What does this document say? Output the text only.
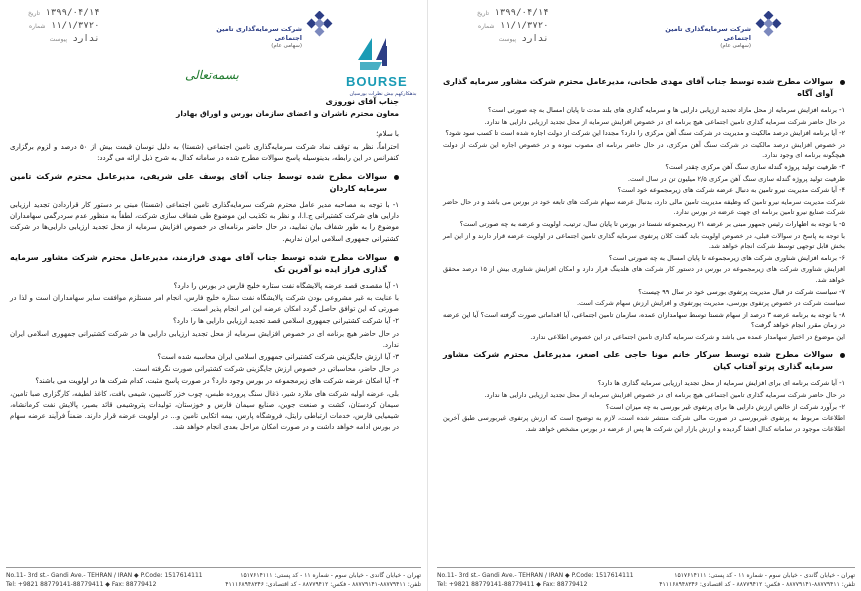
۱۳۹۹/۰۴/۱۴ تاریخ
۱۱/۱/۳۷۲۰ شماره
ندارد پیوست
شرکت سرمایه‌گذاری تامین اجتماعی
(سهامی عام)
BOURSE
بدهکارکهم بیش نظرات بورسیان
بسمه‌تعالی

جناب آقای نوروزی

معاون محترم ناشران و اعضای سازمان بورس و اوراق بهادار

با سلام؛

احتراماً، نظر به توقف نماد شرکت سرمایه‌گذاری تامین اجتماعی (شستا) به دلیل نوسان قیمت بیش از ۵۰ درصد و لزوم برگزاری کنفرانس در این رابطه، بدینوسیله پاسخ سوالات مطرح شده در سامانه کدال به شرح ذیل ارائه می گردد:

سوالات مطرح شده توسط جناب آقای یوسف علی شریفی، مدیرعامل محترم شرکت تامین سرمایه کاردان

۱- با توجه به مصاحبه مدیر عامل محترم شرکت سرمایه‌گذاری تامین اجتماعی (شستا) مبنی بر دستور کار قراردادن تجدید ارزیابی دارایی های شرکت کشتیرانی ج.ا.ا، و نظر به تکذیب این موضوع طی شفاف سازی شرکت، لطفاً به منظور عدم سردرگمی سهامداران موضوع را به طور شفاف بیان نمایید، در حال حاضر برنامه‌ای در خصوص افزایش سرمایه از محل تجدید ارزیابی دارایی‌ها در شرکت کشتیرانی جمهوری اسلامی ایران نداریم.

سوالات مطرح شده توسط جناب آقای مهدی فرازمند، مدیرعامل محترم شرکت مشاور سرمایه گذاری فراز ایده نو آفرین تک

۱- آیا مقصدی قصد عرضه پالایشگاه نفت ستاره خلیج فارس در بورس را دارد؟

با عنایت به غیر مشروعی بودن شرکت پالایشگاه نفت ستاره خلیج فارس، انجام امر مستلزم موافقت سایر سهامداران است و لذا در صورتی که این توافق حاصل گردد امکان عرضه این امر انجام پذیر است.

۲- آیا شرکت کشتیرانی جمهوری اسلامی قصد تجدید ارزیابی دارایی ها را دارد؟

در حال حاضر هیچ برنامه ای در خصوص افزایش سرمایه از محل تجدید ارزیابی دارایی ها در شرکت کشتیرانی جمهوری اسلامی ایران ندارد.

۳- آیا ارزش جایگزینی شرکت کشتیرانی جمهوری اسلامی ایران محاسبه شده است؟

در حال حاضر، محاسباتی در خصوص ارزش جایگزینی شرکت کشتیرانی صورت نگرفته است.

۴- آیا امکان عرضه شرکت های زیرمجموعه در بورس وجود دارد؟ در صورت پاسخ مثبت، کدام شرکت ها در اولویت می باشند؟

بلی، عرضه اولیه شرکت های ملارد شیر، ذغال سنگ پرورده طبس، چوب خزر کاسپین، شیمی بافت، کاغذ لطیفه، کارگزاری صبا تامین، سیمان کردستان، کشت و صنعت جوین، صنایع سیمان فارس و خوزستان، تولیدات پتروشیمی قائد بصیر، پالایش نفت کرمانشاه، شیمیایی فارس، خدمات ارتباطی رایتل، فروشگاه پارس، بیمه اتکایی تامین و... در اولویت عرضه قرار دارند. ضمناً فرآیند عرضه سهام در بورس ادامه خواهد داشت و در صورت امکان مراحل بعدی انجام خواهد شد.

No.11- 3rd st.- Gandi Ave.- TEHRAN / IRAN ◆ P.Code: 1517614111	تهران - خیابان گاندی - خیابان سوم - شماره ۱۱ - کد پستی: ۱۵۱۷۶۱۴۱۱۱
Tel: +9821 88779141-88779411 ◆ Fax: 88779412	تلفن: ۸۸۷۷۹۴۱۱-۸۸۷۷۹۱۴۱ - فکس: ۸۸۷۷۹۴۱۲ - کد اقتصادی: ۴۱۱۱۶۸۹۴۸۳۴۶
۱۳۹۹/۰۴/۱۴ تاریخ
۱۱/۱/۳۷۲۰ شماره
ندارد پیوست
شرکت سرمایه‌گذاری تامین اجتماعی
(سهامی عام)
سوالات مطرح شده توسط جناب آقای مهدی طحانی، مدیرعامل محترم شرکت مشاور سرمایه گذاری آوای آگاه

۱- برنامه افزایش سرمایه از محل مازاد تجدید ارزیابی دارایی ها و سرمایه گذاری های بلند مدت تا پایان امسال به چه صورتی است؟

در حال حاضر شرکت سرمایه گذاری تامین اجتماعی هیچ برنامه ای در خصوص افزایش سرمایه از محل تجدید ارزیابی دارایی ها ندارد.

۲- آیا برنامه افزایش درصد مالکیت و مدیریت در شرکت سنگ آهن مرکزی را دارد؟ مجددا این شرکت از دولت اجاره شده است تا کسب سود شود؟

در خصوص افزایش درصد مالکیت در شرکت سنگ آهن مرکزی، در حال حاضر برنامه ای مصوب نبوده و در خصوص اجاره این شرکت از دولت هیچگونه برنامه ای وجود ندارد.

۳- ظرفیت تولید پروژه گندله سازی سنگ آهن مرکزی چقدر است؟

ظرفیت تولید پروژه گندله سازی سنگ آهن مرکزی ۲/۵ میلیون تن در سال است.

۴- آیا شرکت مدیریت نیرو تامین به دنبال عرضه شرکت های زیرمجموعه خود است؟

شرکت مدیریت سرمایه نیرو تامین که وظیفه مدیریت تامین مالی دارد، بدنبال عرضه سهام شرکت های تابعه خود در بورس می باشد و در حال حاضر شرکت صنایع نیرو تامین برنامه ای جهت عرضه در بورس ندارد.

۵- با توجه به اظهارات رئیس جمهور مبنی بر عرضه ۲۱ زیرمجموعه شستا در بورس تا پایان سال، ترتیب، اولویت و عرضه به چه صورتی است؟

با توجه به پاسخ در سوالات قبلی، در خصوص اولویت باید گفت کلان پرتفوی سرمایه گذاری تامین اجتماعی در اولویت عرضه قرار دارند و از این امر بخش قابل توجهی توسط شرکت انجام خواهد شد.

۶- برنامه افزایش شناوری شرکت های زیرمجموعه تا پایان امسال به چه صورتی است؟

افزایش شناوری شرکت های زیرمجموعه در بورس در دستور کار شرکت های هلدینگ قرار دارد و امکان افزایش شناوری بیش از ۱۵ درصد محقق خواهد شد.

۷- سیاست شرکت در قبال مدیریت پرتفوی بورسی خود در سال ۹۹ چیست؟

سیاست شرکت در خصوص پرتفوی بورسی، مدیریت پورتفوی و افزایش ارزش سهام شرکت است.

۸- با توجه به برنامه عرضه ۳ درصد از سهام شستا توسط سهامداران عمده، سازمان تامین اجتماعی، آیا اقداماتی صورت گرفته است؟ آیا این عرضه در زمان مقرر انجام خواهد گرفت؟

این موضوع در اختیار سهامدار عمده می باشد و شرکت سرمایه گذاری تامین اجتماعی در این خصوص اطلاعی ندارد.

سوالات مطرح شده توسط سرکار خانم مونا حاجی علی اصغر، مدیرعامل محترم شرکت مشاور سرمایه گذاری پرتو آفتاب کیان

۱- آیا شرکت برنامه ای برای افزایش سرمایه از محل تجدید ارزیابی سرمایه گذاری ها دارد؟

در حال حاضر شرکت سرمایه گذاری تامین اجتماعی هیچ برنامه ای در خصوص افزایش سرمایه از محل تجدید ارزیابی دارایی ها ندارد.

۲- برآورد شرکت از خالص ارزش دارایی ها برای پرتفوی غیر بورسی به چه میزان است؟

اطلاعات مربوط به پرتفوی غیربورسی در صورت مالی شرکت منتشر شده است، لازم به توضیح است که ارزش پرتفوی غیربورسی طبق آخرین اطلاعات موجود در سامانه کدال افشا گردیده و ارزش بازار این شرکت ها پس از عرضه در بورس مشخص خواهد شد.

No.11- 3rd st.- Gandi Ave.- TEHRAN / IRAN ◆ P.Code: 1517614111	تهران - خیابان گاندی - خیابان سوم - شماره ۱۱ - کد پستی: ۱۵۱۷۶۱۴۱۱۱
Tel: +9821 88779141-88779411 ◆ Fax: 88779412	تلفن: ۸۸۷۷۹۴۱۱-۸۸۷۷۹۱۴۱ - فکس: ۸۸۷۷۹۴۱۲ - کد اقتصادی: ۴۱۱۱۶۸۹۴۸۳۴۶
